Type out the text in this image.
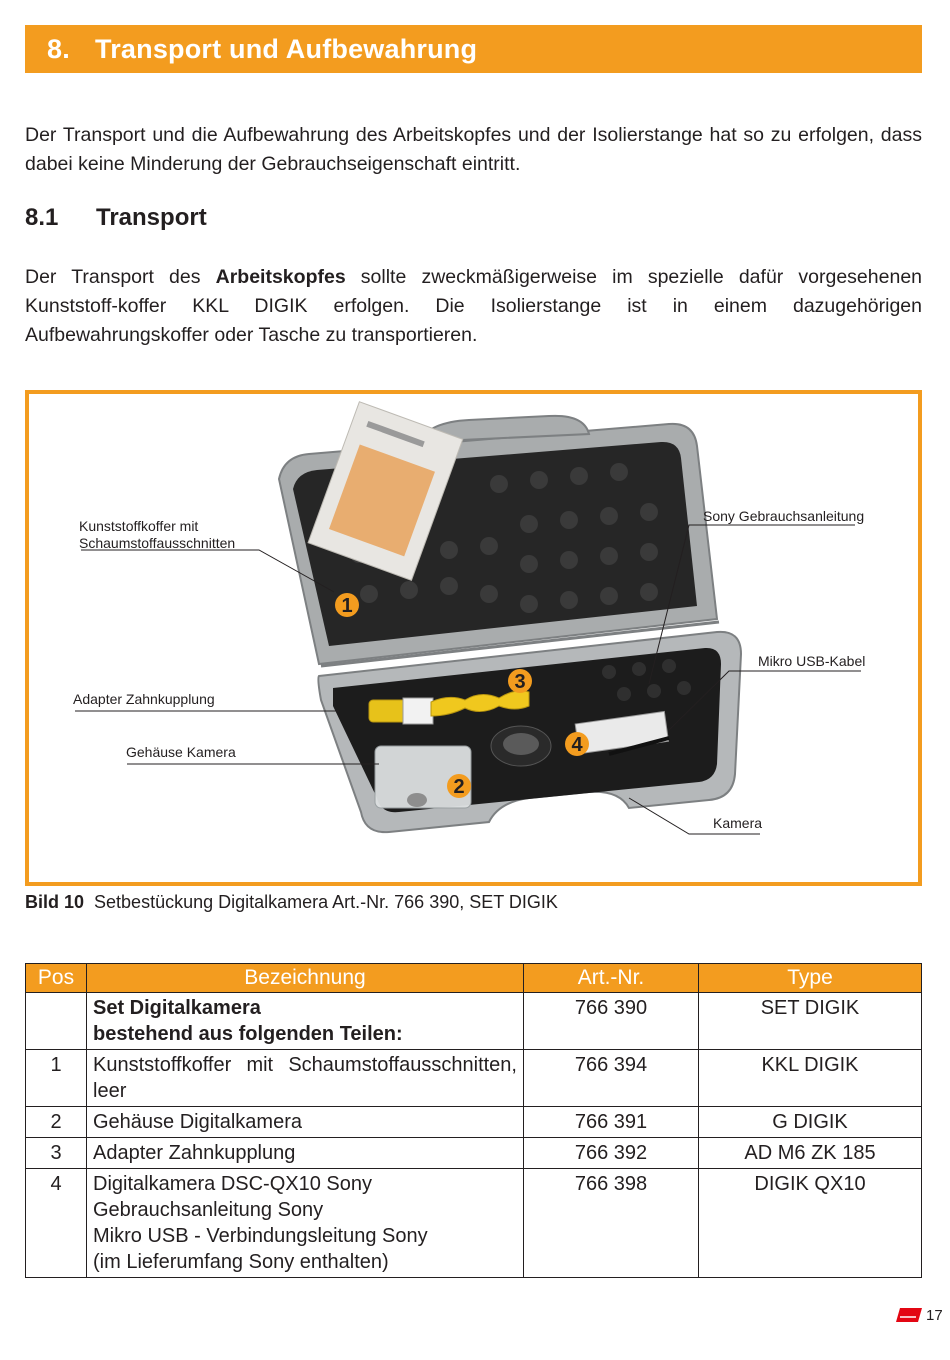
8. Transport und Aufbewahrung

Der Transport und die Aufbewahrung des Arbeitskopfes und der Isolierstange hat so zu erfolgen, dass dabei keine Minderung der Gebrauchseigenschaft eintritt.

8.1 Transport

Der Transport des Arbeitskopfes sollte zweckmäßigerweise im spezielle dafür vorgesehenen Kunststoff-koffer KKL DIGIK erfolgen. Die Isolierstange ist in einem dazugehörigen Aufbewahrungskoffer oder Tasche zu transportieren.

1
2
3
4
Kunststoffkoffer mit
Schaumstoffausschnitten
Adapter Zahnkupplung
Gehäuse Kamera
Sony Gebrauchsanleitung
Mikro USB-Kabel
Kamera
Bild 10 Setbestückung Digitalkamera Art.-Nr. 766 390, SET DIGIK
Pos	Bezeichnung	Art.-Nr.	Type

	Set Digitalkamera
bestehend aus folgenden Teilen:	766 390	SET DIGIK
1	Kunststoffkoffer mit Schaumstoffausschnitten, leer	766 394	KKL DIGIK
2	Gehäuse Digitalkamera	766 391	G DIGIK
3	Adapter Zahnkupplung	766 392	AD M6 ZK 185
4	Digitalkamera DSC-QX10 Sony
Gebrauchsanleitung Sony
Mikro USB - Verbindungsleitung Sony
(im Lieferumfang Sony enthalten)	766 398	DIGIK QX10
17
